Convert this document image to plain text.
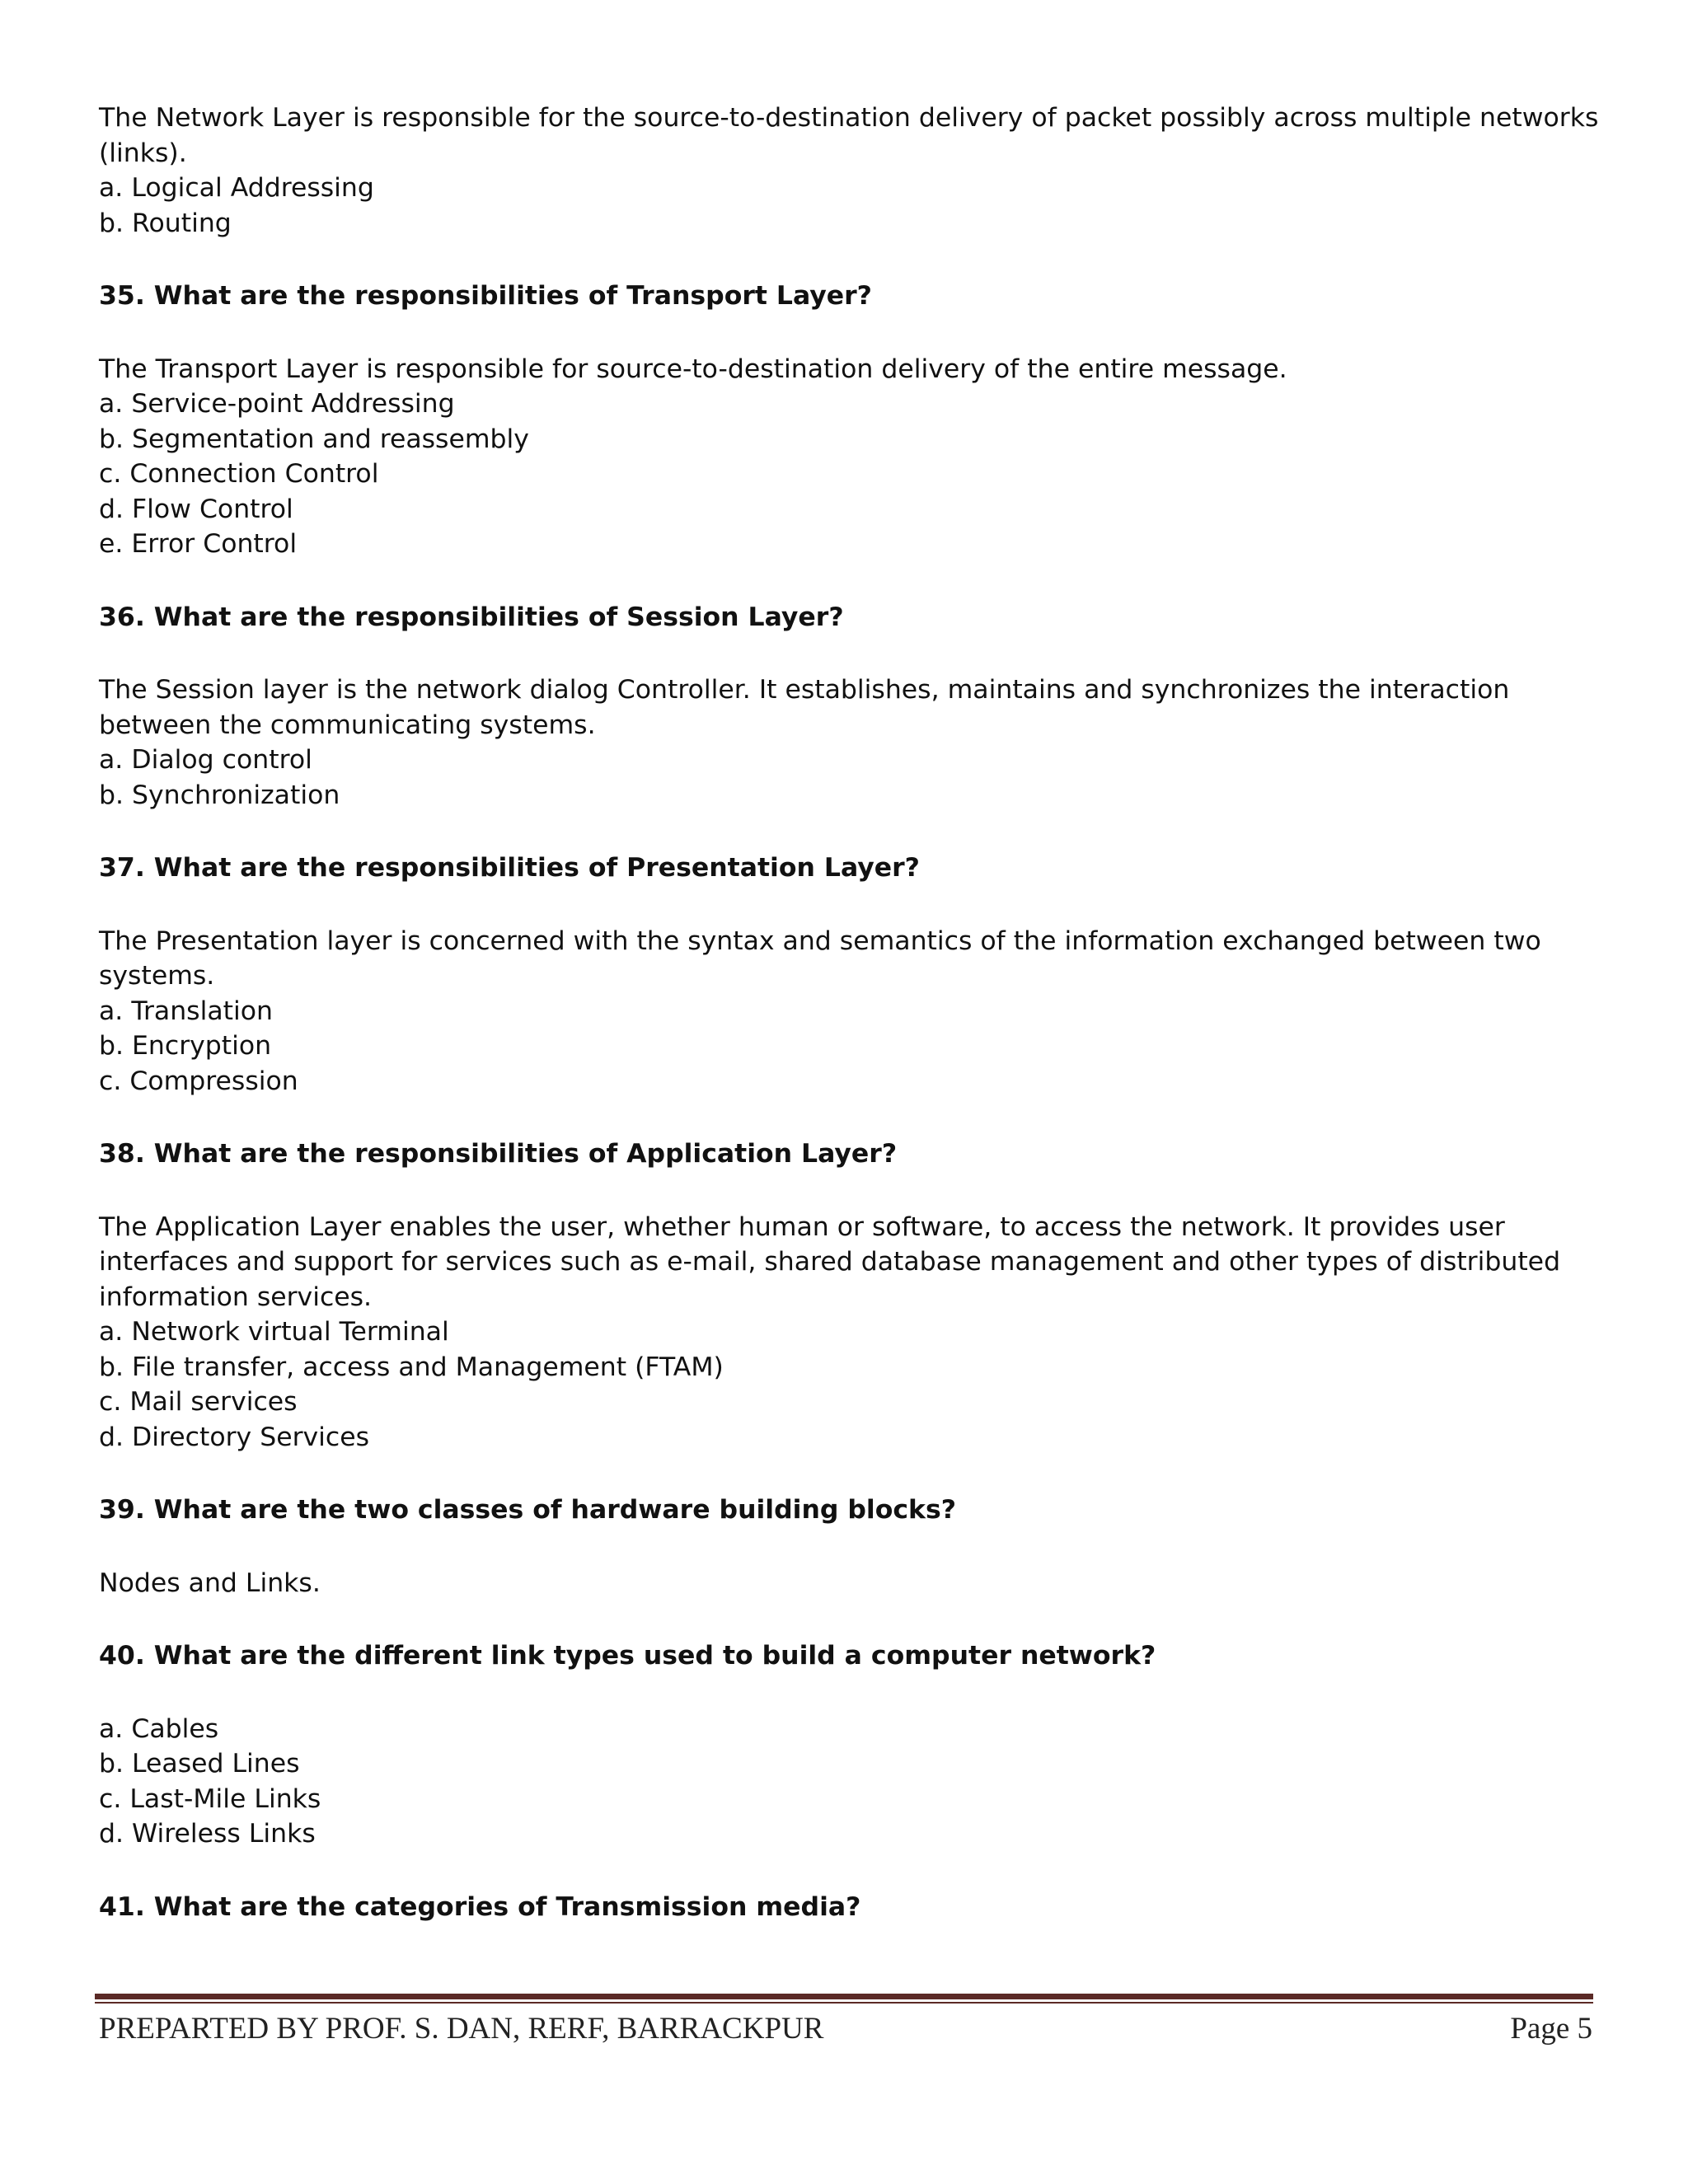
The Network Layer is responsible for the source-to-destination delivery of packet possibly across multiple networks (links).

a. Logical Addressing

b. Routing

35. What are the responsibilities of Transport Layer?

The Transport Layer is responsible for source-to-destination delivery of the entire message.

a. Service-point Addressing

b. Segmentation and reassembly

c. Connection Control

d. Flow Control

e. Error Control

36. What are the responsibilities of Session Layer?

The Session layer is the network dialog Controller. It establishes, maintains and synchronizes the interaction between the communicating systems.

a. Dialog control

b. Synchronization

37. What are the responsibilities of Presentation Layer?

The Presentation layer is concerned with the syntax and semantics of the information exchanged between two systems.

a. Translation

b. Encryption

c. Compression

38. What are the responsibilities of Application Layer?

The Application Layer enables the user, whether human or software, to access the network. It provides user interfaces and support for services such as e-mail, shared database management and other types of distributed information services.

a. Network virtual Terminal

b. File transfer, access and Management (FTAM)

c. Mail services

d. Directory Services

39. What are the two classes of hardware building blocks?

Nodes and Links.

40. What are the different link types used to build a computer network?

a. Cables

b. Leased Lines

c. Last-Mile Links

d. Wireless Links

41. What are the categories of Transmission media?

PREPARTED BY PROF. S. DAN, RERF, BARRACKPUR	Page 5
